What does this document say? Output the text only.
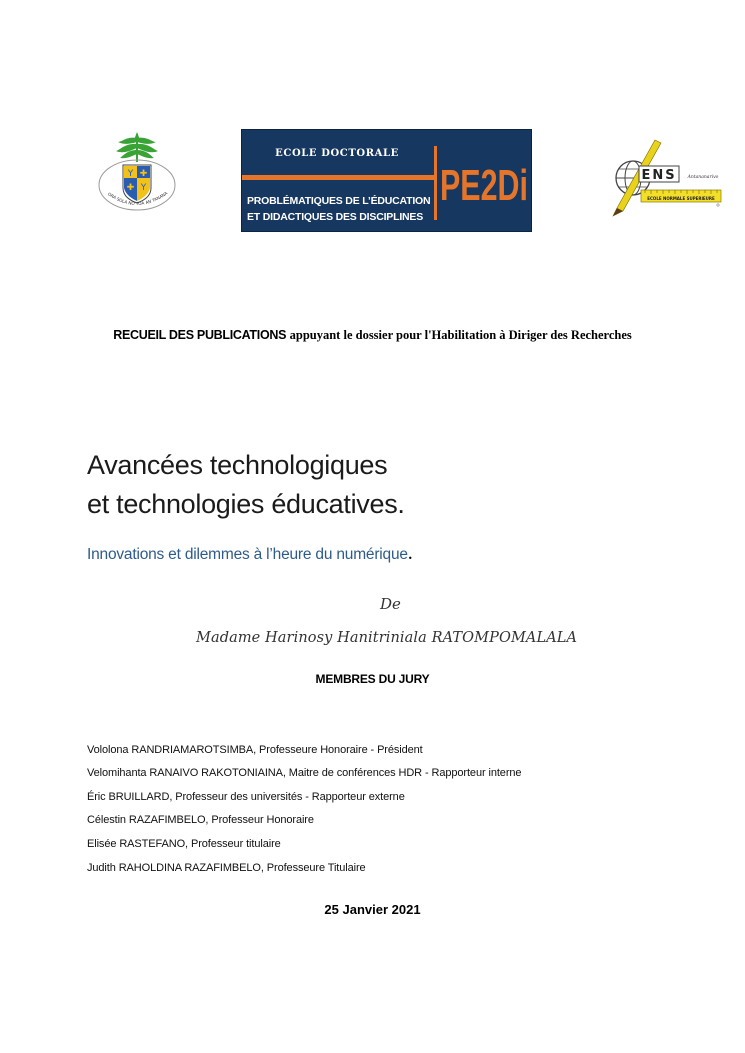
Y ✚
✚ Y
ORA SOLA NO TOA AN TANANA
ECOLE DOCTORALE
PROBLÉMATIQUES DE L’ÉDUCATION
ET DIDACTIQUES DES DISCIPLINES
PE2Di	ENS Antananarivo
ECOLE NORMALE SUPERIEURE
RECUEIL DES PUBLICATIONS appuyant le dossier pour l'Habilitation à Diriger des Recherches
Avancées technologiques
et technologies éducatives.
Innovations et dilemmes à l’heure du numérique.
De
Madame Harinosy Hanitriniala RATOMPOMALALA
MEMBRES DU JURY
Vololona RANDRIAMAROTSIMBA, Professeure Honoraire - Président
Velomihanta RANAIVO RAKOTONIAINA, Maitre de conférences HDR - Rapporteur interne
Éric BRUILLARD, Professeur des universités - Rapporteur externe
Célestin RAZAFIMBELO, Professeur Honoraire
Elisée RASTEFANO, Professeur titulaire
Judith RAHOLDINA RAZAFIMBELO, Professeure Titulaire
25 Janvier 2021
